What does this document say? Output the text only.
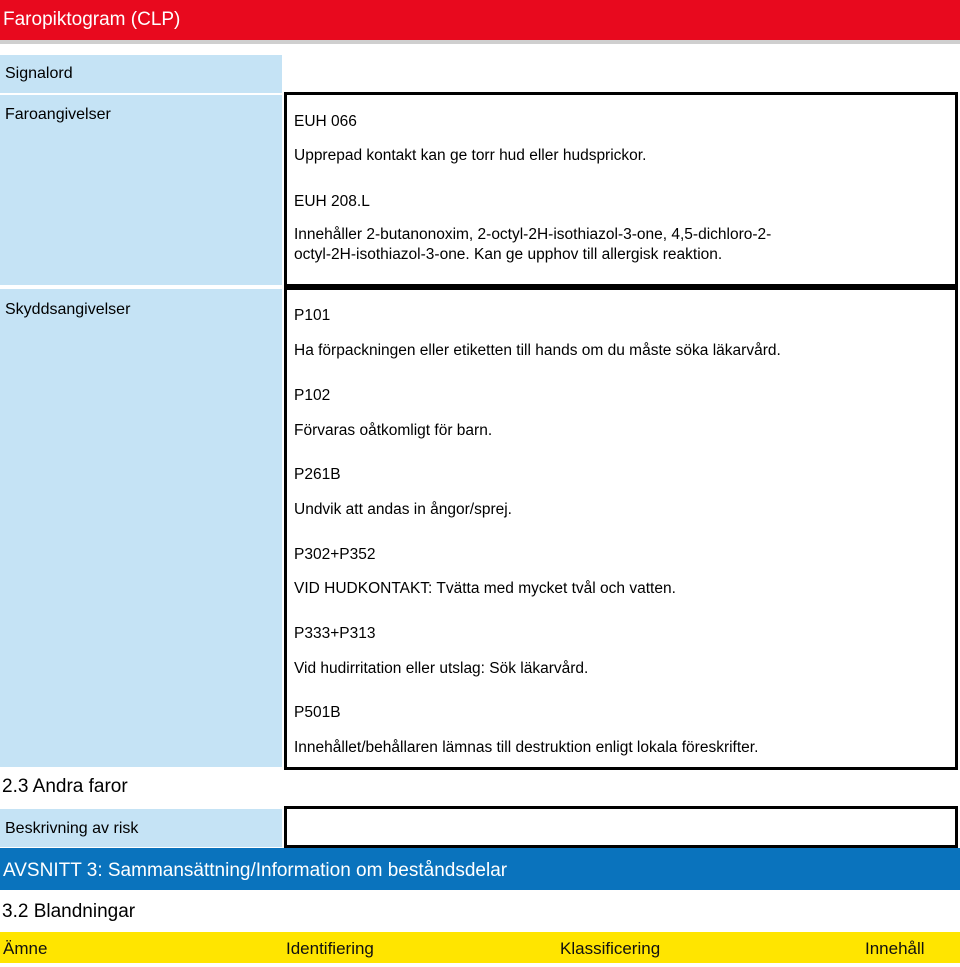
Faropiktogram (CLP)
Signalord
Faroangivelser	EUH 066
Upprepad kontakt kan ge torr hud eller hudsprickor.
EUH 208.L
Innehåller 2-butanonoxim, 2-octyl-2H-isothiazol-3-one, 4,5-dichloro-2-octyl-2H-isothiazol-3-one. Kan ge upphov till allergisk reaktion.
Skyddsangivelser	P101
Ha förpackningen eller etiketten till hands om du måste söka läkarvård.
P102
Förvaras oåtkomligt för barn.
P261B
Undvik att andas in ångor/sprej.
P302+P352
VID HUDKONTAKT: Tvätta med mycket tvål och vatten.
P333+P313
Vid hudirritation eller utslag: Sök läkarvård.
P501B
Innehållet/behållaren lämnas till destruktion enligt lokala föreskrifter.
2.3 Andra faror
Beskrivning av risk
AVSNITT 3: Sammansättning/Information om beståndsdelar
3.2 Blandningar
Ämne	Identifiering	Klassificering	Innehåll
